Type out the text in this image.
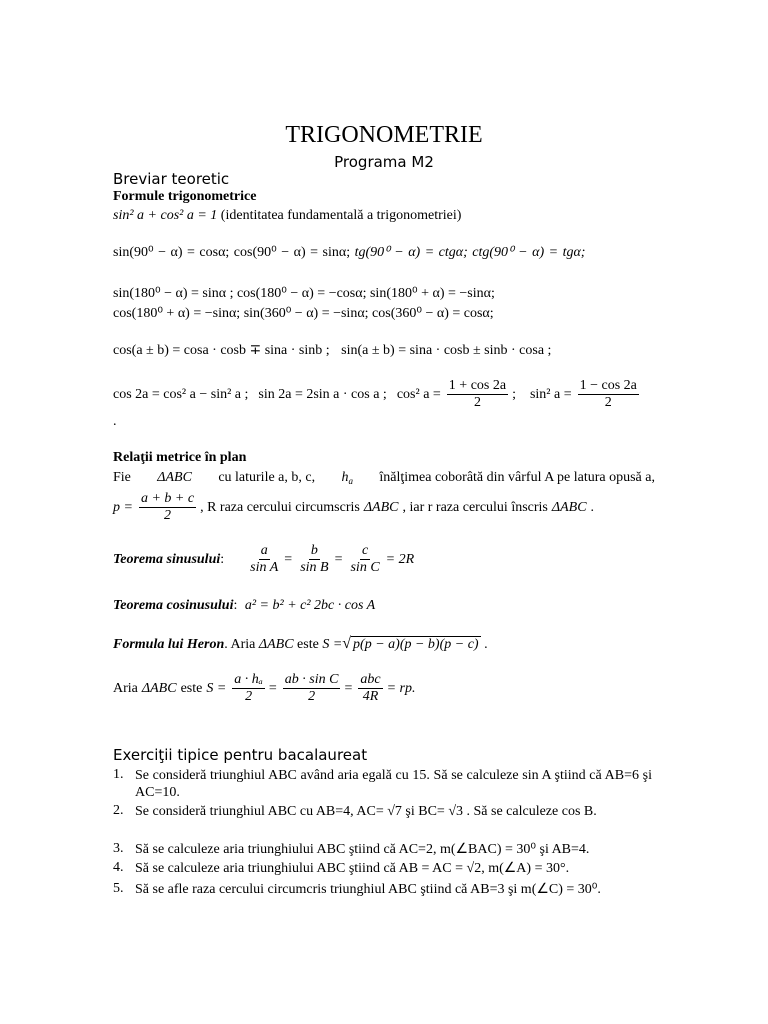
TRIGONOMETRIE
Programa M2
Breviar teoretic
Formule trigonometrice
sin² a + cos² a = 1 (identitatea fundamentală a trigonometriei)
sin(90⁰ − α) = cosα; cos(90⁰ − α) = sinα; tg(90⁰ − α) = ctgα; ctg(90⁰ − α) = tgα;
sin(180⁰ − α) = sinα ; cos(180⁰ − α) = −cosα; sin(180⁰ + α) = −sinα;
cos(180⁰ + α) = −sinα; sin(360⁰ − α) = −sinα; cos(360⁰ − α) = cosα;
cos(a ± b) = cosa · cosb ∓ sina · sinb ; sin(a ± b) = sina · cosb ± sinb · cosa ;
cos 2a = cos² a − sin² a ; sin 2a = 2sin a · cos a ; cos² $a = \frac{1 + \cos 2a}{2}$ ; sin² $a = \frac{1 - \cos 2a}{2}$
.
Relaţii metrice în plan
Fie ΔABC cu laturile a, b, c, $h_a$ înălţimea coborâtă din vârful A pe latura opusă a,
$p = \frac{a + b + c}{2}$ , R raza cercului circumscris ΔABC , iar r raza cercului înscris ΔABC .
Teorema sinusului : $\frac{a}{\text{sin A}} = \frac{b}{\text{sin B}} = \frac{c}{\text{sin C}} = 2R$
Teorema cosinusului: a² = b² + c² 2bc · cos A
Formula lui Heron. Aria ΔABC este S =√ p(p − a)(p − b)(p − c) .
Aria ΔABC este $S = \frac{\text{a · hₐ}}{2} = \frac{\text{ab · sin C}}{2} = \frac{\text{abc}}{4R}$ = rp.
Exerciţii tipice pentru bacalaureat
1. Se consideră triunghiul ABC având aria egală cu 15. Să se calculeze sin A ştiind că AB=6 şi AC=10.
2. Se consideră triunghiul ABC cu AB=4, AC= √7 şi BC= √3 . Să se calculeze cos B.
3. Să se calculeze aria triunghiului ABC ştiind că AC=2, m(∠BAC) = 30⁰ şi AB=4.
4. Să se calculeze aria triunghiului ABC ştiind că AB = AC = √2, m(∠A) = 30°.
5. Să se afle raza cercului circumcris triunghiul ABC ştiind că AB=3 şi m(∠C) = 30⁰.
